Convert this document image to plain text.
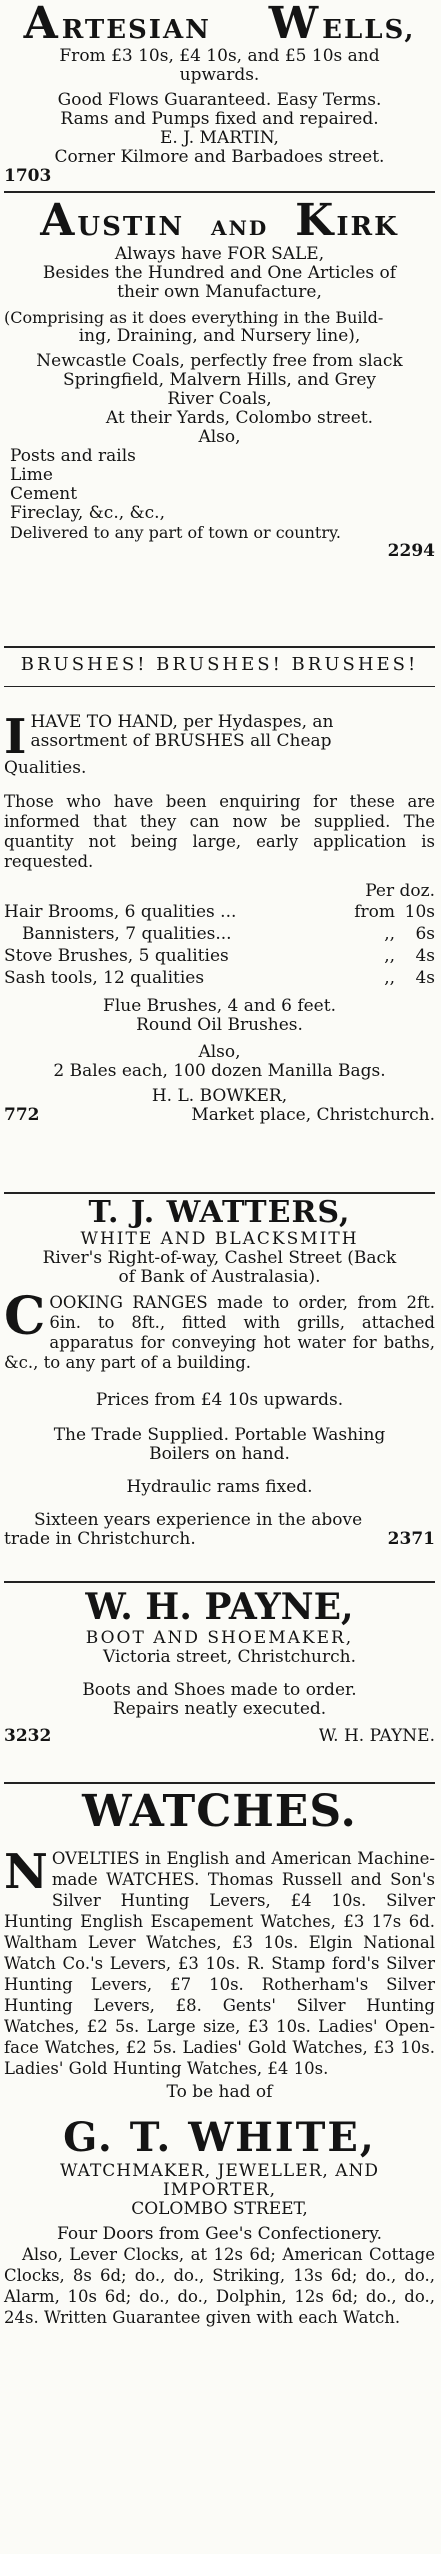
ARTESIAN WELLS,
From £3 10s, £4 10s, and £5 10s and
upwards.
Good Flows Guaranteed. Easy Terms.
Rams and Pumps fixed and repaired.
E. J. MARTIN,
Corner Kilmore and Barbadoes street.
1703
AUSTIN AND KIRK
Always have FOR SALE,
Besides the Hundred and One Articles of
their own Manufacture,
(Comprising as it does everything in the Build-
ing, Draining, and Nursery line),
Newcastle Coals, perfectly free from slack
Springfield, Malvern Hills, and Grey
River Coals,
At their Yards, Colombo street.
Also,
Posts and rails
Lime
Cement
Fireclay, &c., &c.,
Delivered to any part of town or country.
2294
BRUSHES! BRUSHES! BRUSHES!
I HAVE TO HAND, per Hydaspes, an
assortment of BRUSHES all Cheap
Qualities.
Those who have been enquiring for these are informed that they can now be supplied. The quantity not being large, early application is requested.
Per doz.
Hair Brooms, 6 qualities ...	from 10s
Bannisters, 7 qualities...	,,	6s
Stove Brushes, 5 qualities	,,	4s
Sash tools, 12 qualities	,,	4s
Flue Brushes, 4 and 6 feet.
Round Oil Brushes.
Also,
2 Bales each, 100 dozen Manilla Bags.
H. L. BOWKER,
772	Market place, Christchurch.
T. J. WATTERS,
WHITE AND BLACKSMITH
River's Right-of-way, Cashel Street (Back
of Bank of Australasia).
COOKING RANGES made to order, from 2ft. 6in. to 8ft., fitted with grills, attached apparatus for conveying hot water for baths, &c., to any part of a building.
Prices from £4 10s upwards.
The Trade Supplied. Portable Washing
Boilers on hand.
Hydraulic rams fixed.
Sixteen years experience in the above
trade in Christchurch.	2371
W. H. PAYNE,
BOOT AND SHOEMAKER,
Victoria street, Christchurch.
Boots and Shoes made to order.
Repairs neatly executed.
3232	W. H. PAYNE.
WATCHES.
NOVELTIES in English and American Machine-made WATCHES. Thomas Russell and Son's Silver Hunting Levers, £4 10s. Silver Hunting English Escapement Watches, £3 17s 6d. Waltham Lever Watches, £3 10s. Elgin National Watch Co.'s Levers, £3 10s. R. Stamp ford's Silver Hunting Levers, £7 10s. Rotherham's Silver Hunting Levers, £8. Gents' Silver Hunting Watches, £2 5s. Large size, £3 10s. Ladies' Open-face Watches, £2 5s. Ladies' Gold Watches, £3 10s. Ladies' Gold Hunting Watches, £4 10s.
To be had of
G. T. WHITE,
WATCHMAKER, JEWELLER, AND
IMPORTER,
COLOMBO STREET,
Four Doors from Gee's Confectionery.
Also, Lever Clocks, at 12s 6d; American Cottage Clocks, 8s 6d; do., do., Striking, 13s 6d; do., do., Alarm, 10s 6d; do., do., Dolphin, 12s 6d; do., do., 24s. Written Guarantee given with each Watch.
